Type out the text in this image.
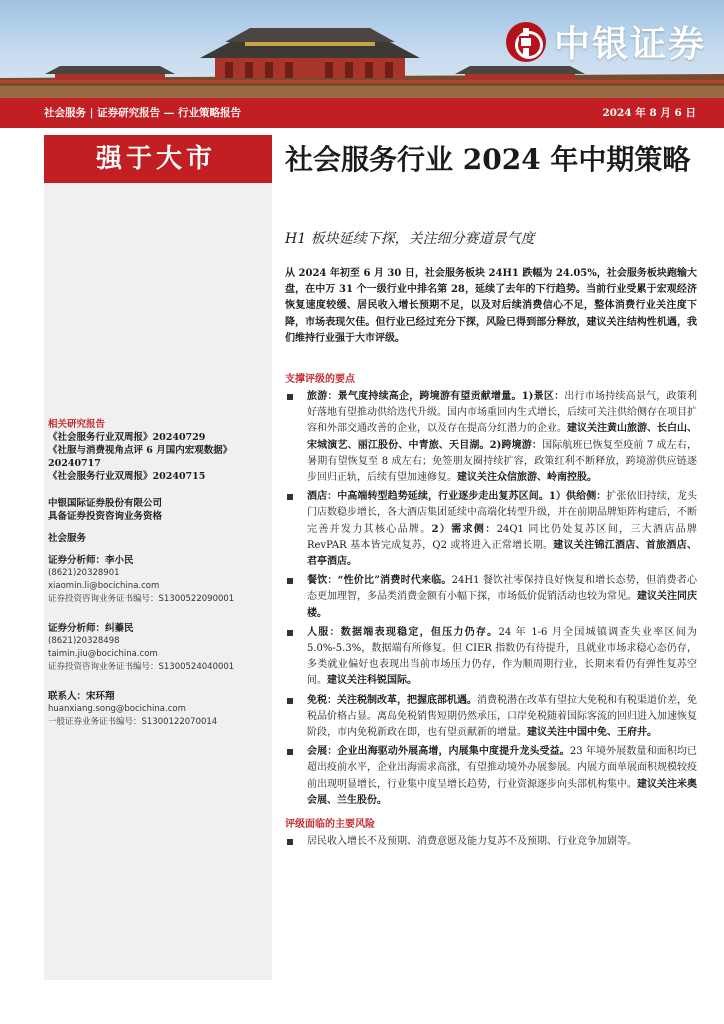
中银证券
社会服务 | 证券研究报告 — 行业策略报告	2024 年 8 月 6 日
强于大市
相关研究报告
《社会服务行业双周报》20240729
《社服与消费视角点评 6 月国内宏观数据》20240717
《社会服务行业双周报》20240715
中银国际证券股份有限公司
具备证券投资咨询业务资格
社会服务
证券分析师：李小民
(8621)20328901
xiaomin.li@bocichina.com
证券投资咨询业务证书编号：S1300522090001
证券分析师：纠蓁民
(8621)20328498
taimin.jiu@bocichina.com
证券投资咨询业务证书编号：S1300524040001
联系人：宋环翔
huanxiang.song@bocichina.com
一般证券业务证书编号：S1300122070014
社会服务行业 2024 年中期策略
H1 板块延续下探，关注细分赛道景气度
从 2024 年初至 6 月 30 日，社会服务板块 24H1 跌幅为 24.05%，社会服务板块跑输大盘，在中万 31 个一级行业中排名第 28，延续了去年的下行趋势。当前行业受累于宏观经济恢复速度较缓、居民收入增长预期不足，以及对后续消费信心不足，整体消费行业关注度下降，市场表现欠佳。但行业已经过充分下探，风险已得到部分释放，建议关注结构性机遇，我们维持行业强于大市评级。
支撑评级的要点
旅游：景气度持续高企，跨境游有望贡献增量。1)景区：出行市场持续高景气，政策利好落地有望推动供给迭代升级。国内市场重回内生式增长，后续可关注供给侧存在项目扩容和外部交通改善的企业，以及存在提高分红潜力的企业。建议关注黄山旅游、长白山、宋城演艺、丽江股份、中青旅、天目湖。2)跨境游：国际航班已恢复至疫前 7 成左右，暑期有望恢复至 8 成左右；免签朋友圈持续扩容，政策红利不断释放，跨境游供应链逐步回归正轨，后续有望加速修复。建议关注众信旅游、岭南控股。
酒店：中高端转型趋势延续，行业逐步走出复苏区间。1）供给侧：扩张依旧持续，龙头门店数稳步增长，各大酒店集团延续中高端化转型升级，并在前期品牌矩阵构建后，不断完善并发力其核心品牌。2）需求侧：24Q1 同比仍处复苏区间，三大酒店品牌 RevPAR 基本皆完成复苏，Q2 或将进入正常增长期。建议关注锦江酒店、首旅酒店、君亭酒店。
餐饮：“性价比”消费时代来临。24H1 餐饮社零保持良好恢复和增长态势，但消费者心态更加理智，多品类消费金额有小幅下探，市场低价促销活动也较为常见。建议关注同庆楼。
人服：数据端表现稳定，但压力仍存。24 年 1-6 月全国城镇调查失业率区间为 5.0%-5.3%，数据端有所修复。但 CIER 指数仍有待提升，且就业市场求稳心态仍存，多类就业偏好也表现出当前市场压力仍存，作为顺周期行业，长期来看仍有弹性复苏空间。建议关注科锐国际。
免税：关注税制改革，把握底部机遇。消费税潜在改革有望拉大免税和有税渠道价差，免税品价格占显。离岛免税销售短期仍然承压，口岸免税随着国际客流的回归进入加速恢复阶段，市内免税新政在即，也有望贡献新的增量。建议关注中国中免、王府井。
会展：企业出海驱动外展高增，内展集中度提升龙头受益。23 年境外展数量和面积均已超出疫前水平，企业出海需求高涨，有望推动境外办展参展。内展方面单展面积规模较疫前出现明显增长，行业集中度呈增长趋势，行业资源逐步向头部机构集中。建议关注米奥会展、兰生股份。
评级面临的主要风险
居民收入增长不及预期、消费意愿及能力复苏不及预期、行业竞争加剧等。
